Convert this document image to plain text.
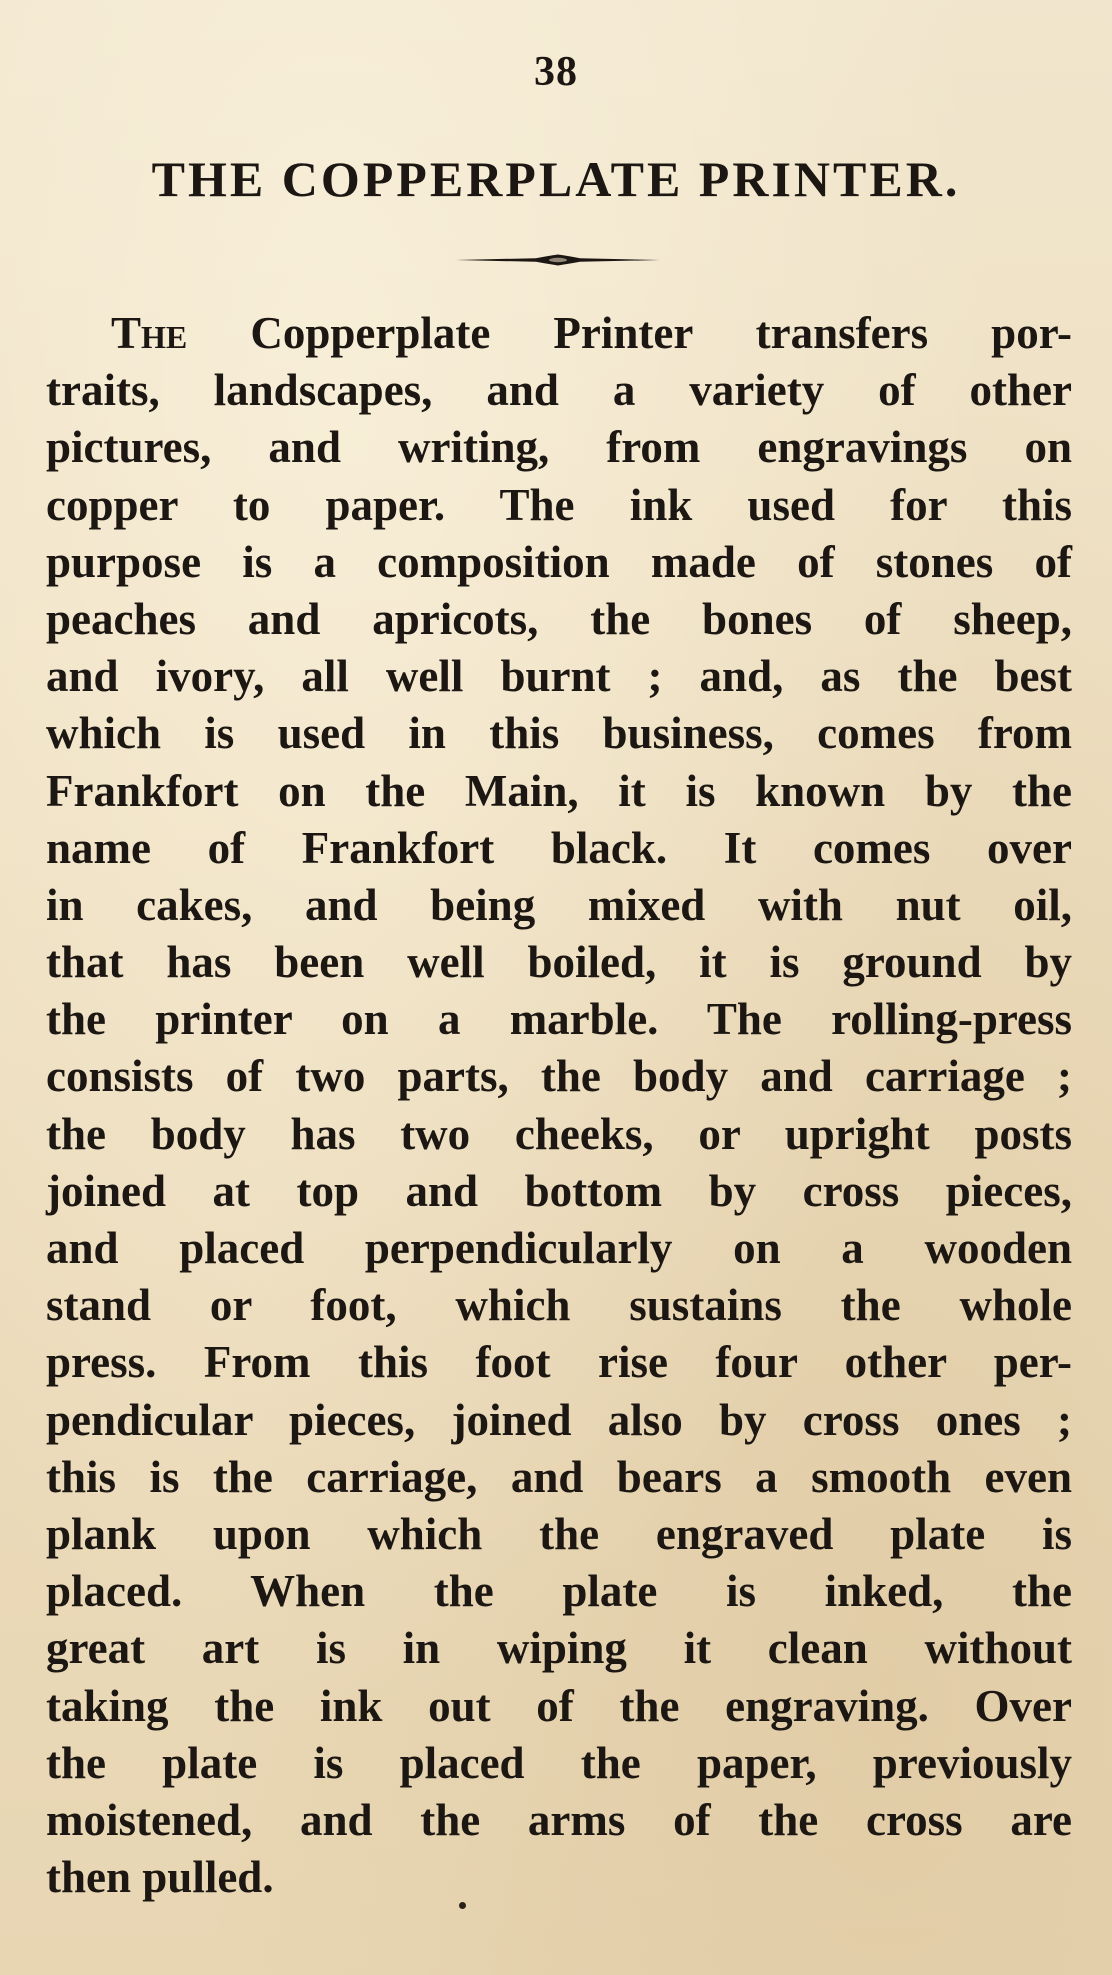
38
THE COPPERPLATE PRINTER.
The Copperplate Printer transfers por-
traits, landscapes, and a variety of other
pictures, and writing, from engravings on
copper to paper. The ink used for this
purpose is a composition made of stones of
peaches and apricots, the bones of sheep,
and ivory, all well burnt ; and, as the best
which is used in this business, comes from
Frankfort on the Main, it is known by the
name of Frankfort black. It comes over
in cakes, and being mixed with nut oil,
that has been well boiled, it is ground by
the printer on a marble. The rolling-press
consists of two parts, the body and carriage ;
the body has two cheeks, or upright posts
joined at top and bottom by cross pieces,
and placed perpendicularly on a wooden
stand or foot, which sustains the whole
press. From this foot rise four other per-
pendicular pieces, joined also by cross ones ;
this is the carriage, and bears a smooth even
plank upon which the engraved plate is
placed. When the plate is inked, the
great art is in wiping it clean without
taking the ink out of the engraving. Over
the plate is placed the paper, previously
moistened, and the arms of the cross are
then pulled.
